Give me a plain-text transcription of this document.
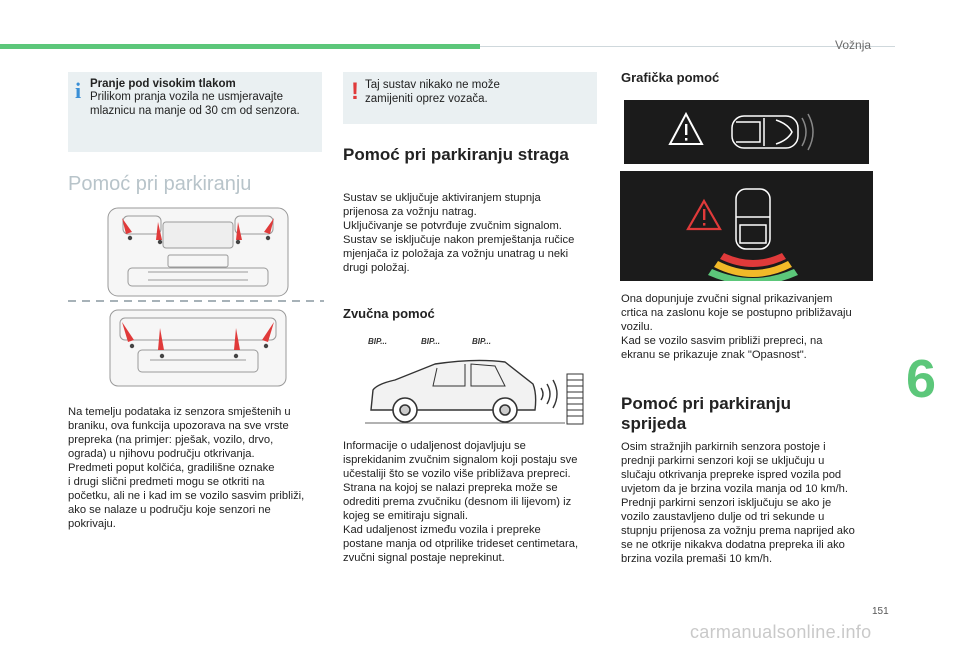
Vožnja
6
i Pranje pod visokim tlakom
Prilikom pranja vozila ne usmjeravajte mlaznicu na manje od 30 cm od senzora.
Pomoć pri parkiranju
Na temelju podataka iz senzora smještenih u
braniku, ova funkcija upozorava na sve vrste
prepreka (na primjer: pješak, vozilo, drvo,
ograda) u njihovu području otkrivanja.
Predmeti poput kolčića, gradilišne oznake
i drugi slični predmeti mogu se otkriti na
početku, ali ne i kad im se vozilo sasvim približi,
ako se nalaze u području koje senzori ne
pokrivaju.
! Taj sustav nikako ne može zamijeniti oprez vozača.
Pomoć pri parkiranju straga
Sustav se uključuje aktiviranjem stupnja
prijenosa za vožnju natrag.
Uključivanje se potvrđuje zvučnim signalom.
Sustav se isključuje nakon premještanja ručice
mjenjača iz položaja za vožnju unatrag u neki
drugi položaj.
Zvučna pomoć
BIP...	BIP...	BIP...
Informacije o udaljenost dojavljuju se
isprekidanim zvučnim signalom koji postaju sve
učestaliji što se vozilo više približava prepreci.
Strana na kojoj se nalazi prepreka može se
odrediti prema zvučniku (desnom ili lijevom) iz
kojeg se emitiraju signali.
Kad udaljenost između vozila i prepreke
postane manja od otprilike trideset centimetara,
zvučni signal postaje neprekinut.
Grafička pomoć
Ona dopunjuje zvučni signal prikazivanjem
crtica na zaslonu koje se postupno približavaju
vozilu.
Kad se vozilo sasvim približi prepreci, na
ekranu se prikazuje znak "Opasnost".
Pomoć pri parkiranju
sprijeda
Osim stražnjih parkirnih senzora postoje i
prednji parkirni senzori koji se uključuju u
slučaju otkrivanja prepreke ispred vozila pod
uvjetom da je brzina vozila manja od 10 km/h.
Prednji parkirni senzori isključuju se ako je
vozilo zaustavljeno dulje od tri sekunde u
stupnju prijenosa za vožnju prema naprijed ako
se ne otkrije nikakva dodatna prepreka ili ako
brzina vozila premaši 10 km/h.
151
carmanualsonline.info
